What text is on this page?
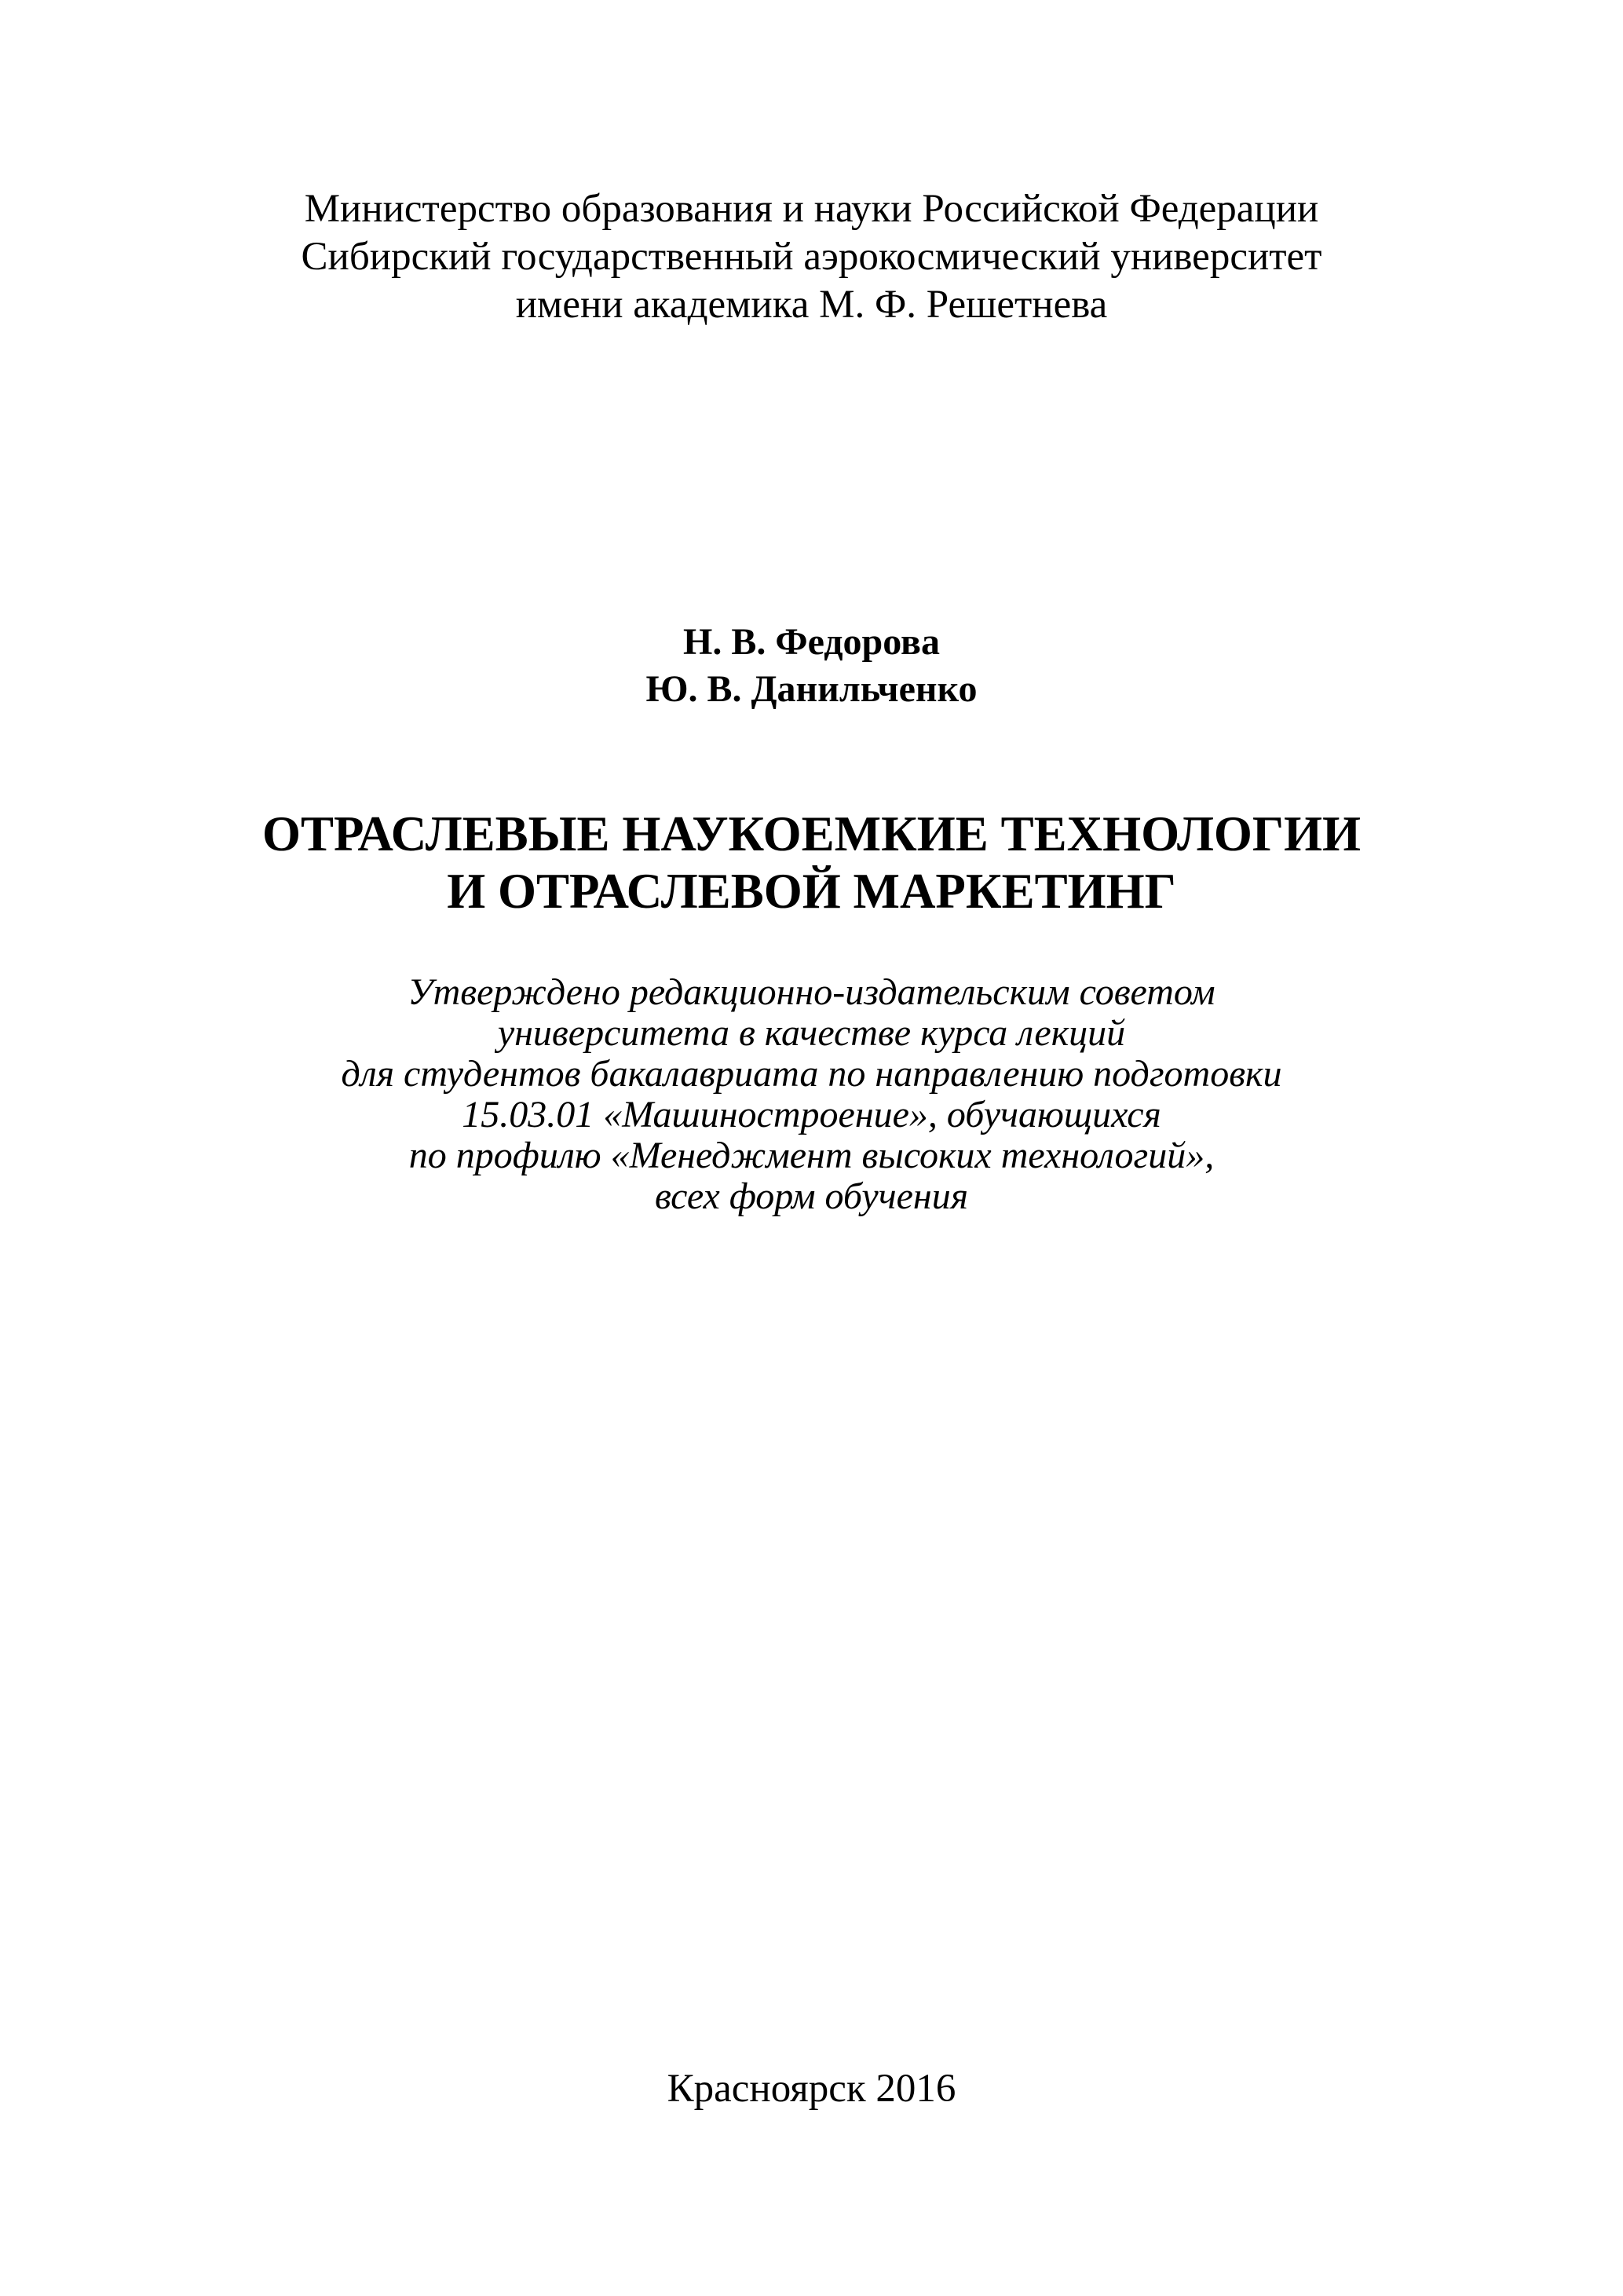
Министерство образования и науки Российской Федерации
Сибирский государственный аэрокосмический университет
имени академика М. Ф. Решетнева
Н. В. Федорова
Ю. В. Данильченко
ОТРАСЛЕВЫЕ НАУКОЕМКИЕ ТЕХНОЛОГИИ
И ОТРАСЛЕВОЙ МАРКЕТИНГ
Утверждено редакционно-издательским советом
университета в качестве курса лекций
для студентов бакалавриата по направлению подготовки
15.03.01 «Машиностроение», обучающихся
по профилю «Менеджмент высоких технологий»,
всех форм обучения
Красноярск 2016
